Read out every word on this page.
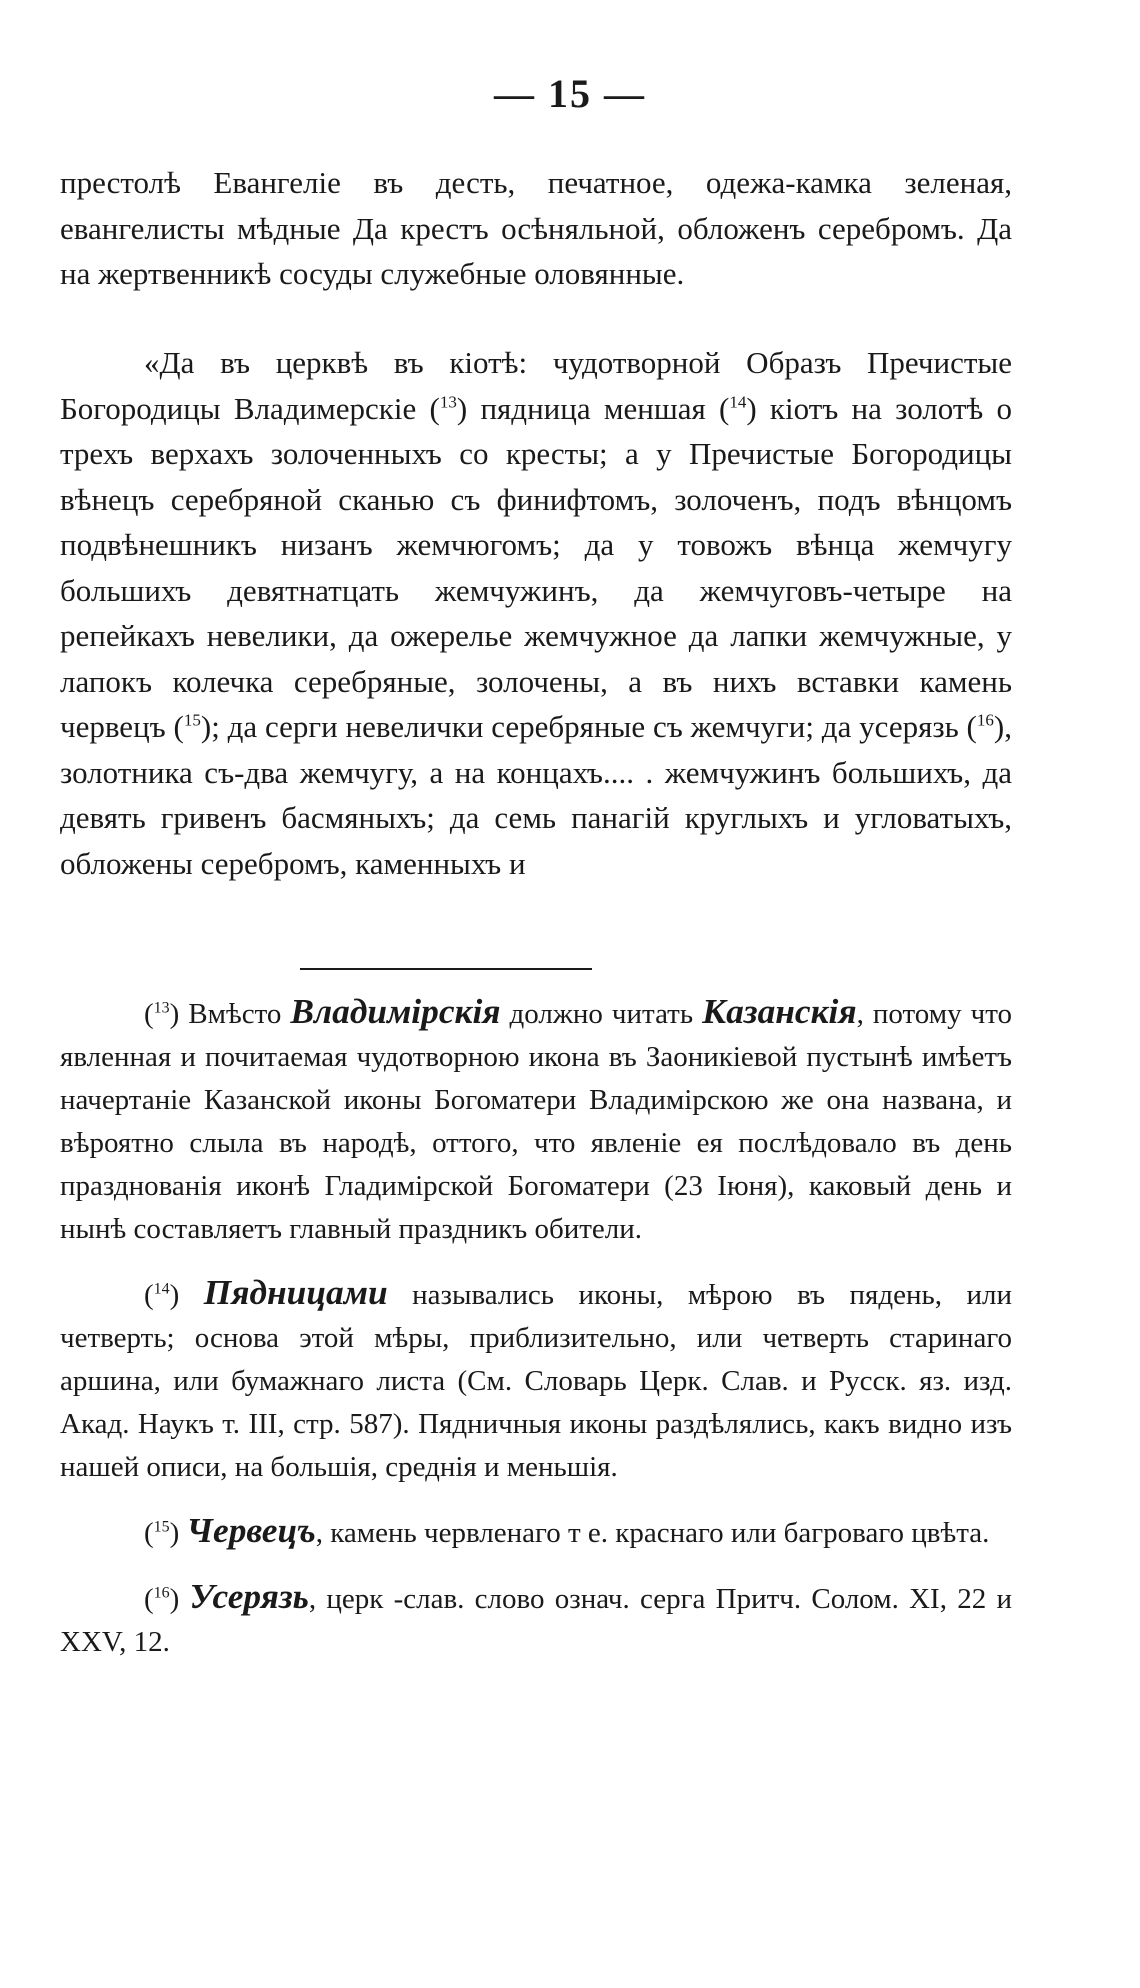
— 15 —

престолѣ Евангеліе въ десть, печатное, одежа-камка зеленая, евангелисты мѣдные Да крестъ осѣняльной, обложенъ серебромъ. Да на жертвенникѣ сосуды служебные оловянные.

«Да въ церквѣ въ кіотѣ: чудотворной Образъ Пречистые Богородицы Владимерскіе ($^{13}$) пядница меншая ($^{14}$) кіотъ на золотѣ о трехъ верхахъ золоченныхъ со кресты; а у Пречистые Богородицы вѣнецъ серебряной сканью съ финифтомъ, золоченъ, подъ вѣнцомъ подвѣнешникъ низанъ жемчюгомъ; да у товожъ вѣнца жемчугу большихъ девятнатцать жемчужинъ, да жемчуговъ-четыре на репейкахъ невелики, да ожерелье жемчужное да лапки жемчужные, у лапокъ колечка серебряные, золочены, а въ нихъ вставки камень червецъ ($^{15}$); да серги невелички серебряные съ жемчуги; да усерязь ($^{16}$), золотника съ-два жемчугу, а на концахъ.... . жемчужинъ большихъ, да девять гривенъ басмяныхъ; да семь панагій круглыхъ и угловатыхъ, обложены серебромъ, каменныхъ и

($^{13}$) Вмѣсто Владимірскія должно читать Казанскія, потому что явленная и почитаемая чудотворною икона въ Заоникіевой пустынѣ имѣетъ начертаніе Казанской иконы Богоматери Владимірскою же она названа, и вѣроятно слыла въ народѣ, оттого, что явленіе ея послѣдовало въ день празднованія иконѣ Гладимірской Богоматери (23 Іюня), каковый день и нынѣ составляетъ главный праздникъ обители.

($^{14}$) Пядницами назывались иконы, мѣрою въ пядень, или четверть; основа этой мѣры, приблизительно, или четверть старинаго аршина, или бумажнаго листа (См. Словарь Церк. Слав. и Русск. яз. изд. Акад. Наукъ т. III, стр. 587). Пядничныя иконы раздѣлялись, какъ видно изъ нашей описи, на большія, среднія и меньшія.

($^{15}$) Червецъ, камень червленаго т е. краснаго или багроваго цвѣта.

($^{16}$) Усерязь, церк -слав. слово означ. серга Притч. Солом. XI, 22 и XXV, 12.
